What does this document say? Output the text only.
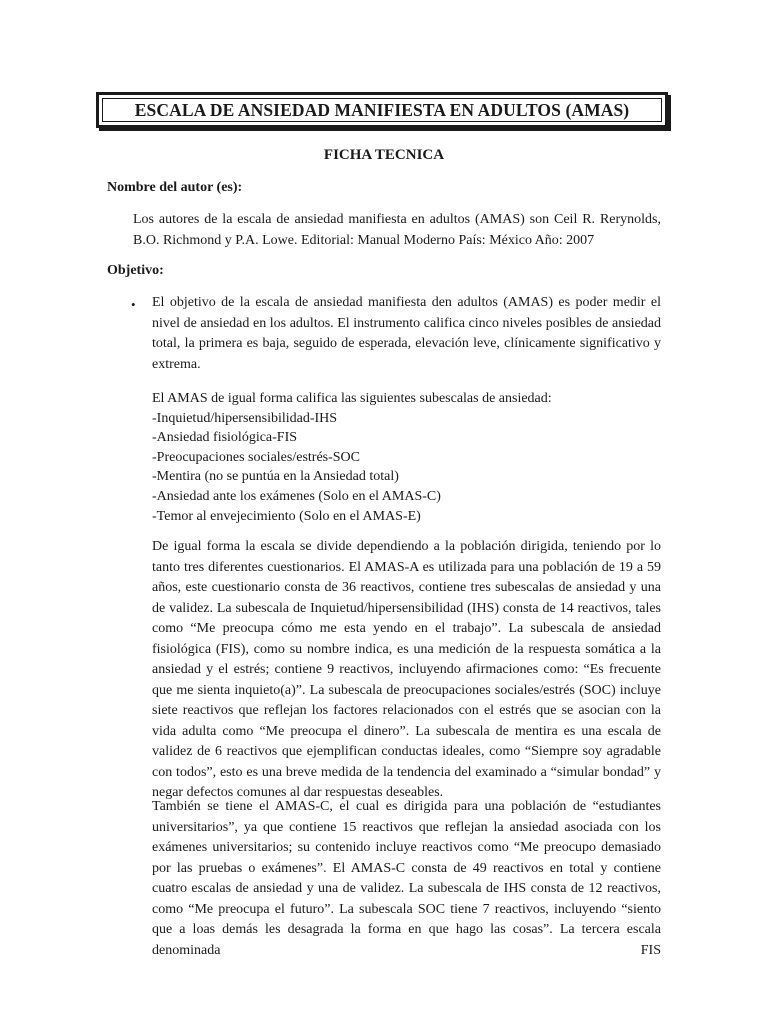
ESCALA DE ANSIEDAD MANIFIESTA EN ADULTOS (AMAS)
FICHA TECNICA
Nombre del autor (es):

Los autores de la escala de ansiedad manifiesta en adultos (AMAS) son Ceil R. Rerynolds, B.O. Richmond y P.A. Lowe. Editorial: Manual Moderno País: México Año: 2007

Objetivo:
• El objetivo de la escala de ansiedad manifiesta den adultos (AMAS) es poder medir el nivel de ansiedad en los adultos. El instrumento califica cinco niveles posibles de ansiedad total, la primera es baja, seguido de esperada, elevación leve, clínicamente significativo y extrema.

El AMAS de igual forma califica las siguientes subescalas de ansiedad:
-Inquietud/hipersensibilidad-IHS
-Ansiedad fisiológica-FIS
-Preocupaciones sociales/estrés-SOC
-Mentira (no se puntúa en la Ansiedad total)
-Ansiedad ante los exámenes (Solo en el AMAS-C)
-Temor al envejecimiento (Solo en el AMAS-E)

De igual forma la escala se divide dependiendo a la población dirigida, teniendo por lo tanto tres diferentes cuestionarios. El AMAS-A es utilizada para una población de 19 a 59 años, este cuestionario consta de 36 reactivos, contiene tres subescalas de ansiedad y una de validez. La subescala de Inquietud/hipersensibilidad (IHS) consta de 14 reactivos, tales como “Me preocupa cómo me esta yendo en el trabajo”. La subescala de ansiedad fisiológica (FIS), como su nombre indica, es una medición de la respuesta somática a la ansiedad y el estrés; contiene 9 reactivos, incluyendo afirmaciones como: “Es frecuente que me sienta inquieto(a)”. La subescala de preocupaciones sociales/estrés (SOC) incluye siete reactivos que reflejan los factores relacionados con el estrés que se asocian con la vida adulta como “Me preocupa el dinero”. La subescala de mentira es una escala de validez de 6 reactivos que ejemplifican conductas ideales, como “Siempre soy agradable con todos”, esto es una breve medida de la tendencia del examinado a “simular bondad” y negar defectos comunes al dar respuestas deseables.

También se tiene el AMAS-C, el cual es dirigida para una población de “estudiantes universitarios”, ya que contiene 15 reactivos que reflejan la ansiedad asociada con los exámenes universitarios; su contenido incluye reactivos como “Me preocupo demasiado por las pruebas o exámenes”. El AMAS-C consta de 49 reactivos en total y contiene cuatro escalas de ansiedad y una de validez. La subescala de IHS consta de 12 reactivos, como “Me preocupa el futuro”. La subescala SOC tiene 7 reactivos, incluyendo “siento que a loas demás les desagrada la forma en que hago las cosas”. La tercera escala denominada FIS
